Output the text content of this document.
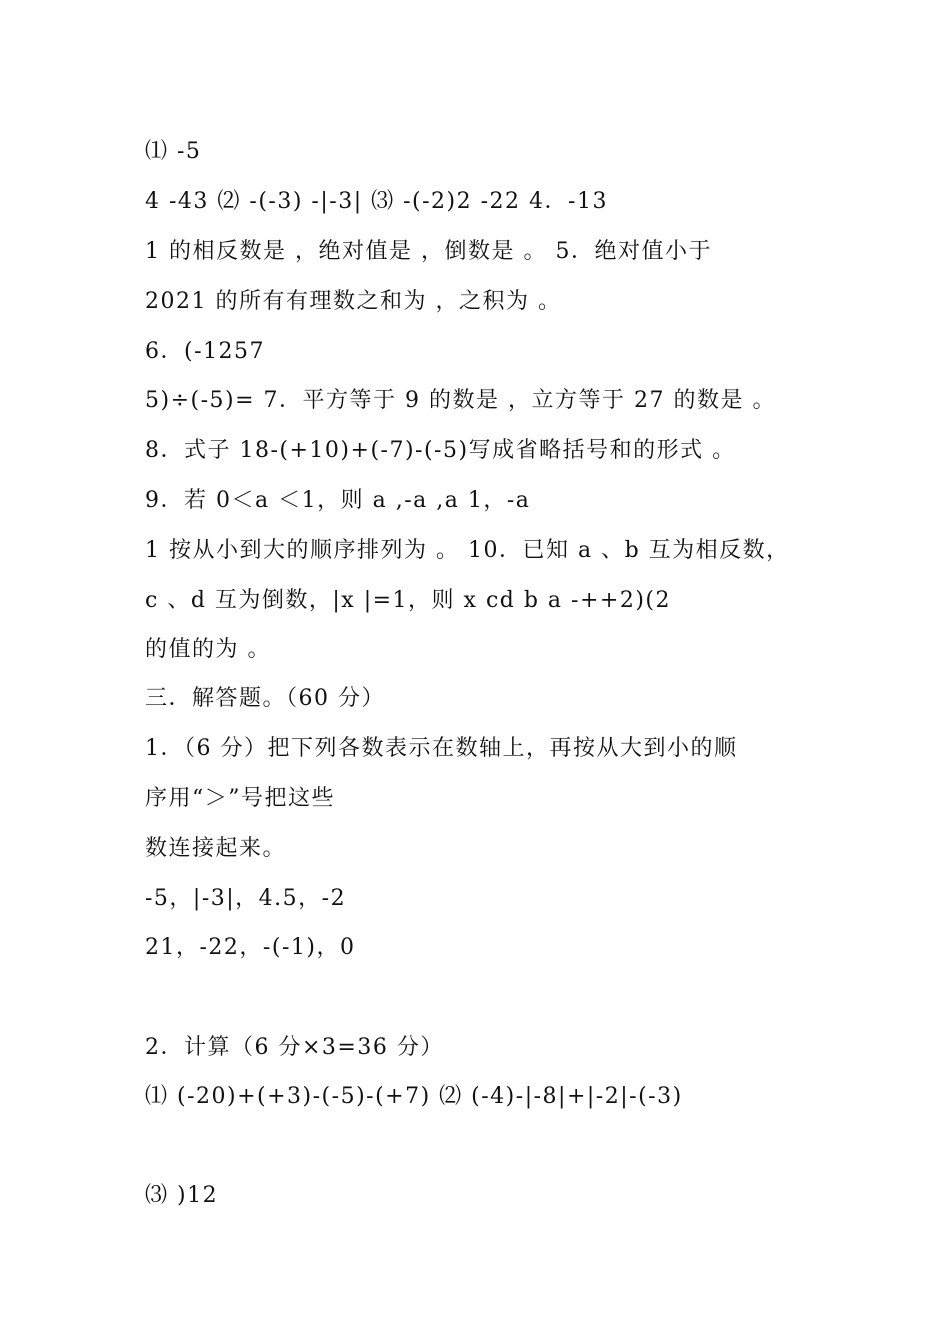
⑴ -5
4 -43 ⑵ -(-3) -|-3| ⑶ -(-2)2 -22 4．-13
1 的相反数是 ，绝对值是 ，倒数是 。 5．绝对值小于
2021 的所有有理数之和为 ，之积为 。
6．(-1257
5)÷(-5)= 7．平方等于 9 的数是 ，立方等于 27 的数是 。
8．式子 18-(+10)+(-7)-(-5)写成省略括号和的形式 。
9．若 0＜a ＜1，则 a ,-a ,a 1，-a
1 按从小到大的顺序排列为 。 10．已知 a 、b 互为相反数，
c 、d 互为倒数，|x |=1，则 x cd b a -++2)(2
的值的为 。
三．解答题。（60 分）
1．（6 分）把下列各数表示在数轴上，再按从大到小的顺
序用“＞”号把这些
数连接起来。
-5，|-3|，4.5，-2
21，-22，-(-1)，0
2．计算（6 分×3=36 分）
⑴ (-20)+(+3)-(-5)-(+7) ⑵ (-4)-|-8|+|-2|-(-3)
⑶ )12
